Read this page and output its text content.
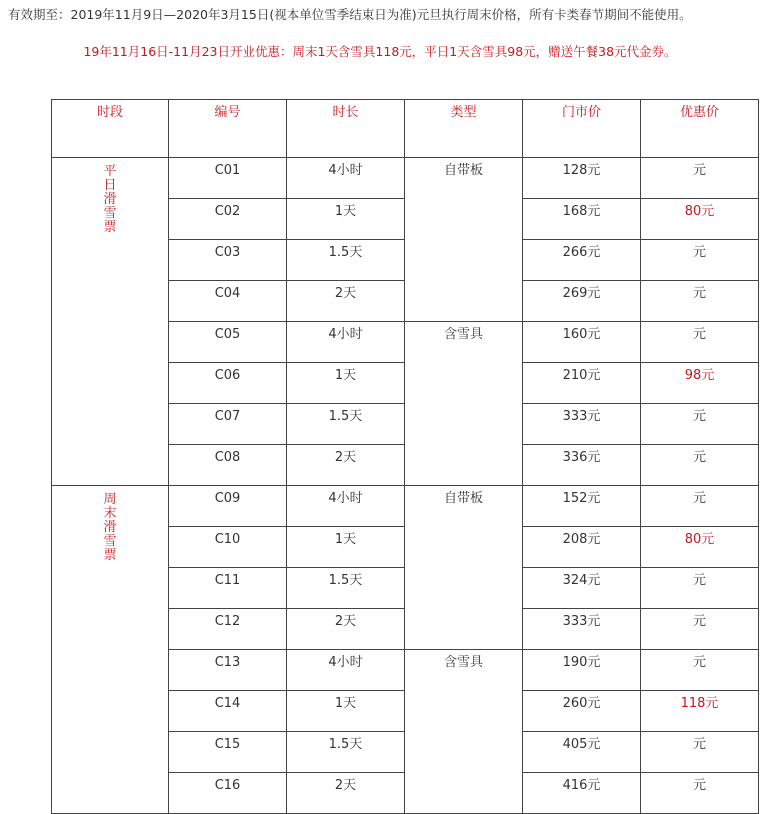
有效期至：2019年11月9日—2020年3月15日(视本单位雪季结束日为准)元旦执行周末价格，所有卡类春节期间不能使用。
19年11月16日-11月23日开业优惠：周末1天含雪具118元，平日1天含雪具98元，赠送午餐38元代金券。
时段	编号	时长	类型	门市价	优惠价
平日滑雪票	C01	4小时	自带板	128元	元
	C02	1天		168元	80元
	C03	1.5天		266元	元
	C04	2天		269元	元
	C05	4小时	含雪具	160元	元
	C06	1天		210元	98元
	C07	1.5天		333元	元
	C08	2天		336元	元
周末滑雪票	C09	4小时	自带板	152元	元
	C10	1天		208元	80元
	C11	1.5天		324元	元
	C12	2天		333元	元
	C13	4小时	含雪具	190元	元
	C14	1天		260元	118元
	C15	1.5天		405元	元
	C16	2天		416元	元
